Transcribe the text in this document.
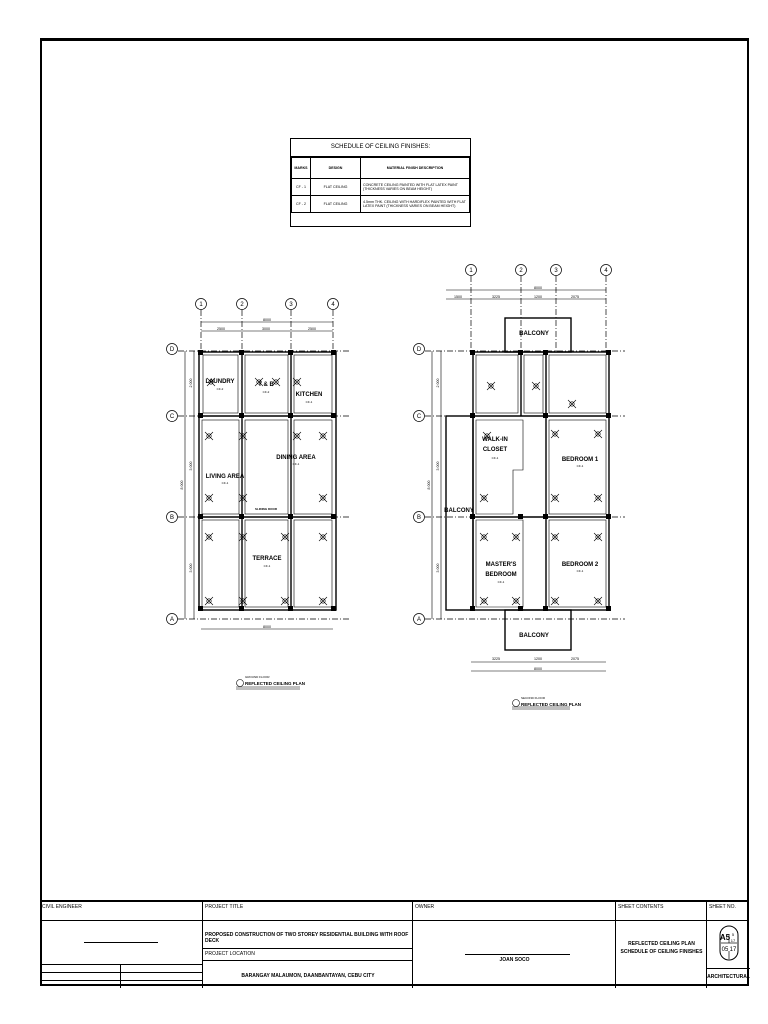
SCHEDULE OF CEILING FINISHES:
MARKS	DESIGN	MATERIAL FINISH DESCRIPTION
CF - 1	FLAT CEILING	CONCRETE CEILING PAINTED WITH FLAT LATEX PAINT (THICKNESS VARIES ON BEAM HEIGHT)
CF - 2	FLAT CEILING	4.5mm THK. CEILING WITH HARDIFLEX PAINTED WITH FLAT LATEX PAINT (THICKNESS VARIES ON BEAM HEIGHT)
1	2	3	4
D
C
B
A
8000
2500	3000	2500
8000
2 000
3 000
3 000
8 000
LAUNDRY	T & B
KITCHEN
LIVING AREA
DINING AREA
TERRACE
CF-2
CF-2
CF-1
CF-1
CF-1
CF-1
SLIDING DOOR
GROUND FLOOR
REFLECTED CEILING PLAN
1	2	3	4
D
C
B
A
8000
1500	3225	1200	2075
3225	1200	2075
8000
2 000
3 000
3 000
8 000
BALCONY
BALCONY
BALCONY
WALK-IN
CLOSET
BEDROOM 1
BEDROOM 2
MASTER'S
BEDROOM
CF-1
CF-1
CF-1
CF-1
SECOND FLOOR
REFLECTED CEILING PLAN
CIVIL ENGINEER	PROJECT TITLE
PROPOSED CONSTRUCTION OF TWO STOREY RESIDENTIAL BUILDING WITH ROOF DECK
PROJECT LOCATION
BARANGAY MALAUMON, DAANBANTAYAN, CEBU CITY
OWNER
JOAN SOCO
SHEET CONTENTS
REFLECTED CEILING PLAN
SCHEDULE OF CEILING FINISHES
SHEET NO.
A5 5
17
05 17
ARCHITECTURAL
